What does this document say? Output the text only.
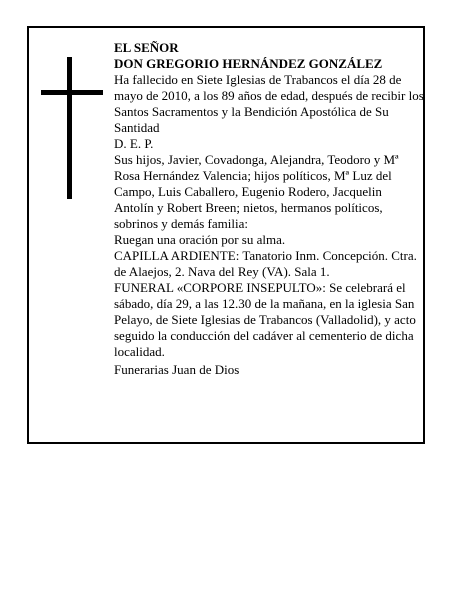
EL SEÑOR

DON GREGORIO HERNÁNDEZ GONZÁLEZ

Ha fallecido en Siete Iglesias de Trabancos el día 28 de mayo de 2010, a los 89 años de edad, después de recibir los Santos Sacramentos y la Bendición Apostólica de Su Santidad

D. E. P.

Sus hijos, Javier, Covadonga, Alejandra, Teodoro y Mª Rosa Hernández Valencia; hijos políticos, Mª Luz del Campo, Luis Caballero, Eugenio Rodero, Jacquelin Antolín y Robert Breen; nietos, hermanos políticos, sobrinos y demás familia:

Ruegan una oración por su alma.

CAPILLA ARDIENTE: Tanatorio Inm. Concepción. Ctra. de Alaejos, 2. Nava del Rey (VA). Sala 1.

FUNERAL «CORPORE INSEPULTO»: Se celebrará el sábado, día 29, a las 12.30 de la mañana, en la iglesia San Pelayo, de Siete Iglesias de Trabancos (Valladolid), y acto seguido la conducción del cadáver al cementerio de dicha localidad.

Funerarias Juan de Dios
